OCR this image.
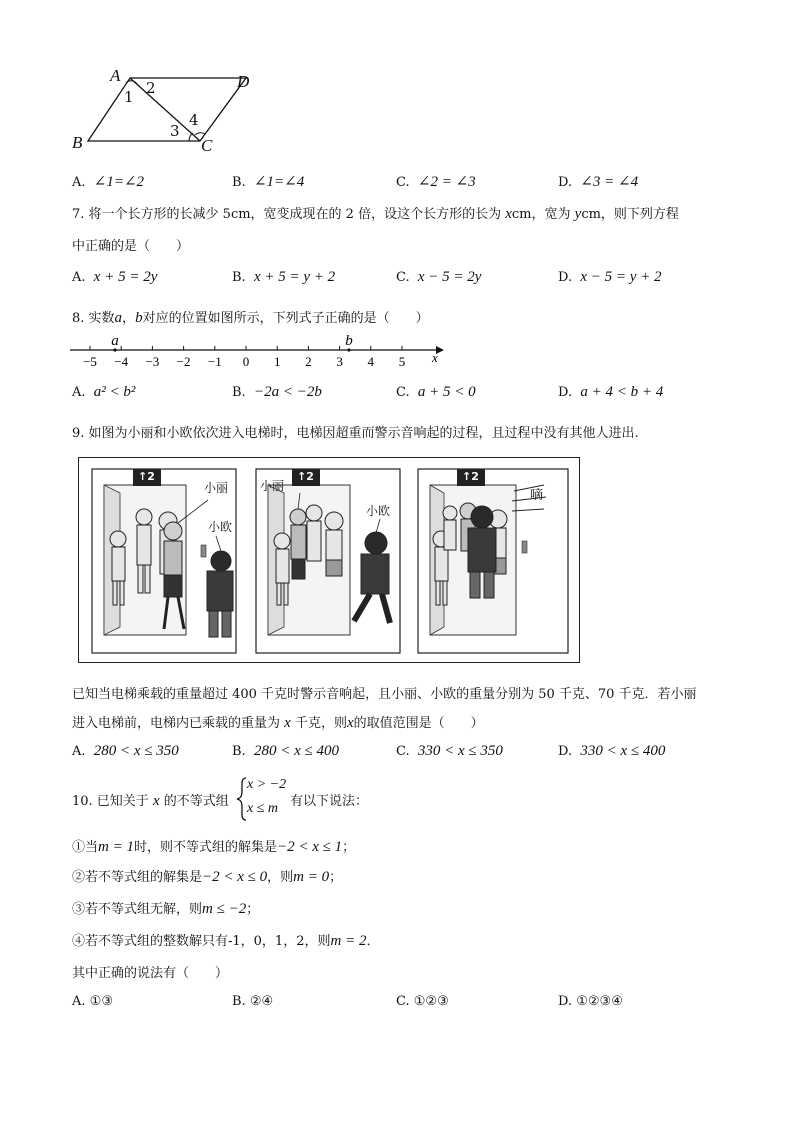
A	D
B	C
1 2
3
4
A. ∠1=∠2	B. ∠1=∠4	C. ∠2 = ∠3	D. ∠3 = ∠4
7. 将一个长方形的长减少 5cm，宽变成现在的 2 倍，设这个长方形的长为 xcm，宽为 ycm，则下列方程
中正确的是（　　）
A. x + 5 = 2y	B. x + 5 = y + 2	C. x − 5 = 2y	D. x − 5 = y + 2
8. 实数a，b对应的位置如图所示，下列式子正确的是（　　）
x
−5 −4 −3 −2 −1 0 1 2 3 4 5
a	b
A. a² < b²	B. −2a < −2b	C. a + 5 < 0	D. a + 4 < b + 4
9. 如图为小丽和小欧依次进入电梯时，电梯因超重而警示音响起的过程，且过程中没有其他人进出.
↑2
小丽
小欧
↑2
小丽
小欧
↑2
嘀
已知当电梯乘载的重量超过 400 千克时警示音响起，且小丽、小欧的重量分别为 50 千克、70 千克．若小丽
进入电梯前，电梯内已乘载的重量为 x 千克，则x的取值范围是（　　）
A. 280 < x ≤ 350	B. 280 < x ≤ 400	C. 330 < x ≤ 350	D. 330 < x ≤ 400
10. 已知关于 x 的不等式组
x > −2
x ≤ m 有以下说法：
①当m = 1时，则不等式组的解集是−2 < x ≤ 1；
②若不等式组的解集是−2 < x ≤ 0，则m = 0；
③若不等式组无解，则m ≤ −2；
④若不等式组的整数解只有-1，0，1，2，则m = 2．
其中正确的说法有（　　）
A. ①③	B. ②④	C. ①②③	D. ①②③④
